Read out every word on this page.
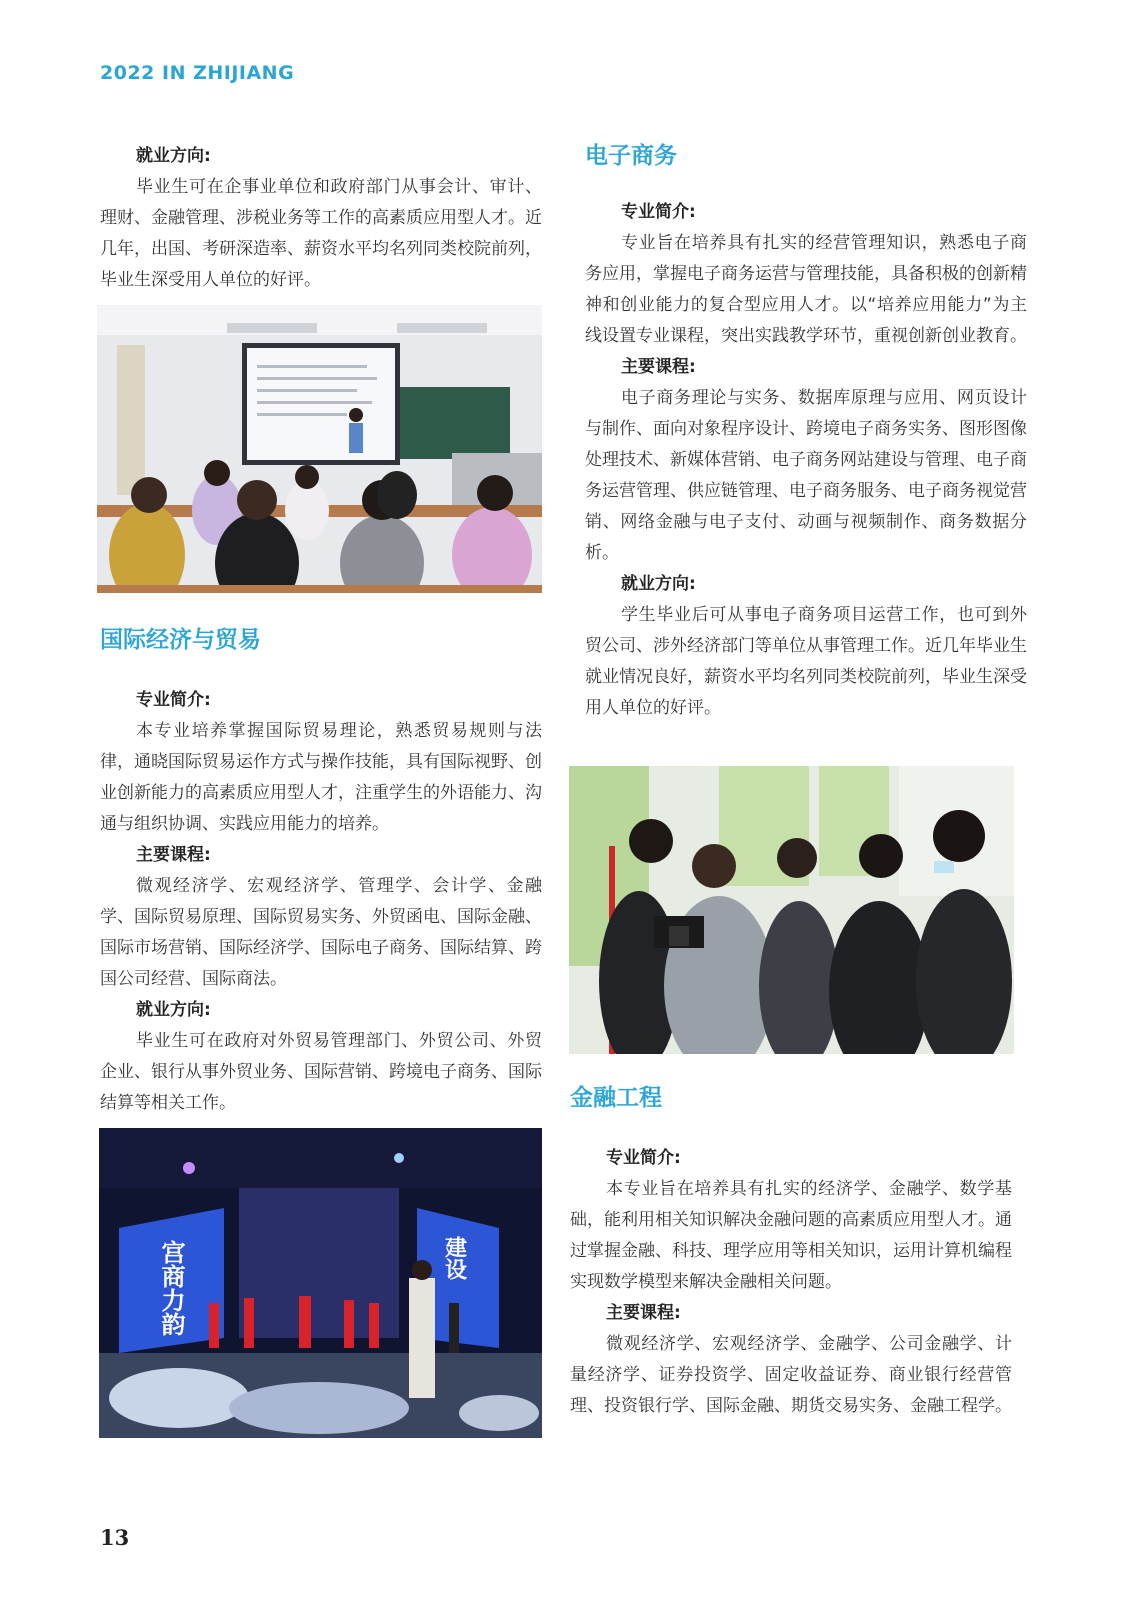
2022 IN ZHIJIANG

就业方向:

毕业生可在企事业单位和政府部门从事会计、审计、理财、金融管理、涉税业务等工作的高素质应用型人才。近几年，出国、考研深造率、薪资水平均名列同类校院前列，毕业生深受用人单位的好评。

国际经济与贸易

专业简介:

本专业培养掌握国际贸易理论，熟悉贸易规则与法律，通晓国际贸易运作方式与操作技能，具有国际视野、创业创新能力的高素质应用型人才，注重学生的外语能力、沟通与组织协调、实践应用能力的培养。

主要课程:

微观经济学、宏观经济学、管理学、会计学、金融学、国际贸易原理、国际贸易实务、外贸函电、国际金融、国际市场营销、国际经济学、国际电子商务、国际结算、跨国公司经营、国际商法。

就业方向:

毕业生可在政府对外贸易管理部门、外贸公司、外贸企业、银行从事外贸业务、国际营销、跨境电子商务、国际结算等相关工作。

宫商力韵	建设
电子商务

专业简介:

专业旨在培养具有扎实的经营管理知识，熟悉电子商务应用，掌握电子商务运营与管理技能，具备积极的创新精神和创业能力的复合型应用人才。以“培养应用能力”为主线设置专业课程，突出实践教学环节，重视创新创业教育。

主要课程:

电子商务理论与实务、数据库原理与应用、网页设计与制作、面向对象程序设计、跨境电子商务实务、图形图像处理技术、新媒体营销、电子商务网站建设与管理、电子商务运营管理、供应链管理、电子商务服务、电子商务视觉营销、网络金融与电子支付、动画与视频制作、商务数据分析。

就业方向:

学生毕业后可从事电子商务项目运营工作，也可到外贸公司、涉外经济部门等单位从事管理工作。近几年毕业生就业情况良好，薪资水平均名列同类校院前列，毕业生深受用人单位的好评。

金融工程

专业简介:

本专业旨在培养具有扎实的经济学、金融学、数学基础，能利用相关知识解决金融问题的高素质应用型人才。通过掌握金融、科技、理学应用等相关知识，运用计算机编程实现数学模型来解决金融相关问题。

主要课程:

微观经济学、宏观经济学、金融学、公司金融学、计量经济学、证券投资学、固定收益证券、商业银行经营管理、投资银行学、国际金融、期货交易实务、金融工程学。

13
